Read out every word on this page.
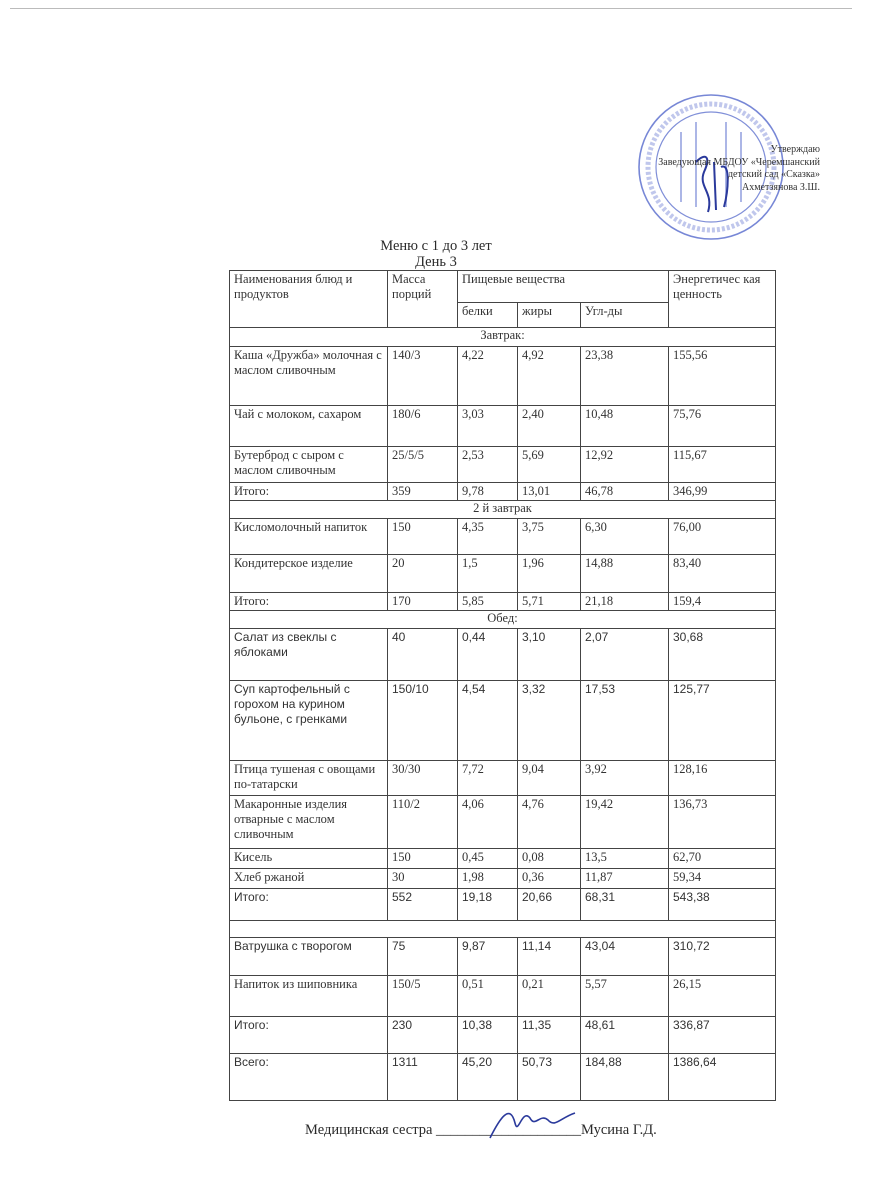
Утверждаю
Заведующая МБДОУ «Черемшанский
детский сад «Сказка»
Ахметзянова З.Ш.
Меню с 1 до 3 лет
День 3
Наименования блюд и продуктов	Масса порций	Пищевые вещества			Энергетичес кая ценность
		белки	жиры	Угл-ды	
Завтрак:					
Каша «Дружба» молочная с маслом сливочным	140/3	4,22	4,92	23,38	155,56
Чай с молоком, сахаром	180/6	3,03	2,40	10,48	75,76
Бутерброд с сыром с маслом сливочным	25/5/5	2,53	5,69	12,92	115,67
Итого:	359	9,78	13,01	46,78	346,99
2 й завтрак					
Кисломолочный напиток	150	4,35	3,75	6,30	76,00
Кондитерское изделие	20	1,5	1,96	14,88	83,40
Итого:	170	5,85	5,71	21,18	159,4
Обед:					
Салат из свеклы с яблоками	40	0,44	3,10	2,07	30,68
Суп картофельный с горохом на курином бульоне, с гренками	150/10	4,54	3,32	17,53	125,77
Птица тушеная с овощами по-татарски	30/30	7,72	9,04	3,92	128,16
Макаронные изделия отварные с маслом сливочным	110/2	4,06	4,76	19,42	136,73
Кисель	150	0,45	0,08	13,5	62,70
Хлеб ржаной	30	1,98	0,36	11,87	59,34
Итого:	552	19,18	20,66	68,31	543,38

Ватрушка с творогом	75	9,87	11,14	43,04	310,72
Напиток из шиповника	150/5	0,51	0,21	5,57	26,15
Итого:	230	10,38	11,35	48,61	336,87
Всего:	1311	45,20	50,73	184,88	1386,64
Медицинская сестра ____________________Мусина Г.Д.
